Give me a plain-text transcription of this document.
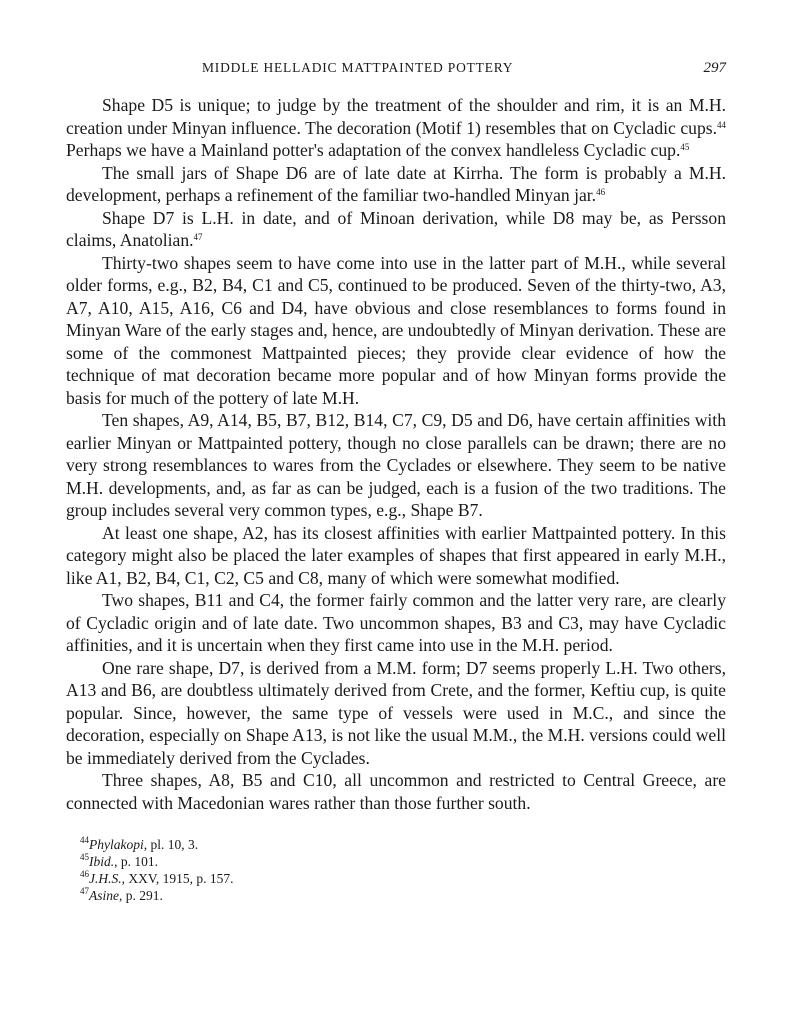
MIDDLE HELLADIC MATTPAINTED POTTERY	297

Shape D5 is unique; to judge by the treatment of the shoulder and rim, it is an M.H. creation under Minyan influence. The decoration (Motif 1) resembles that on Cycladic cups.$^{44}$ Perhaps we have a Mainland potter's adaptation of the convex handleless Cycladic cup.$^{45}$

The small jars of Shape D6 are of late date at Kirrha. The form is probably a M.H. development, perhaps a refinement of the familiar two-handled Minyan jar.$^{46}$

Shape D7 is L.H. in date, and of Minoan derivation, while D8 may be, as Persson claims, Anatolian.$^{47}$

Thirty-two shapes seem to have come into use in the latter part of M.H., while several older forms, e.g., B2, B4, C1 and C5, continued to be produced. Seven of the thirty-two, A3, A7, A10, A15, A16, C6 and D4, have obvious and close resemblances to forms found in Minyan Ware of the early stages and, hence, are undoubtedly of Minyan derivation. These are some of the commonest Mattpainted pieces; they provide clear evidence of how the technique of mat decoration became more popular and of how Minyan forms provide the basis for much of the pottery of late M.H.

Ten shapes, A9, A14, B5, B7, B12, B14, C7, C9, D5 and D6, have certain affinities with earlier Minyan or Mattpainted pottery, though no close parallels can be drawn; there are no very strong resemblances to wares from the Cyclades or elsewhere. They seem to be native M.H. developments, and, as far as can be judged, each is a fusion of the two traditions. The group includes several very common types, e.g., Shape B7.

At least one shape, A2, has its closest affinities with earlier Mattpainted pottery. In this category might also be placed the later examples of shapes that first appeared in early M.H., like A1, B2, B4, C1, C2, C5 and C8, many of which were somewhat modified.

Two shapes, B11 and C4, the former fairly common and the latter very rare, are clearly of Cycladic origin and of late date. Two uncommon shapes, B3 and C3, may have Cycladic affinities, and it is uncertain when they first came into use in the M.H. period.

One rare shape, D7, is derived from a M.M. form; D7 seems properly L.H. Two others, A13 and B6, are doubtless ultimately derived from Crete, and the former, Keftiu cup, is quite popular. Since, however, the same type of vessels were used in M.C., and since the decoration, especially on Shape A13, is not like the usual M.M., the M.H. versions could well be immediately derived from the Cyclades.

Three shapes, A8, B5 and C10, all uncommon and restricted to Central Greece, are connected with Macedonian wares rather than those further south.

$^{44}$Phylakopi, pl. 10, 3.

$^{45}$Ibid., p. 101.

$^{46}$J.H.S., XXV, 1915, p. 157.

$^{47}$Asine, p. 291.
